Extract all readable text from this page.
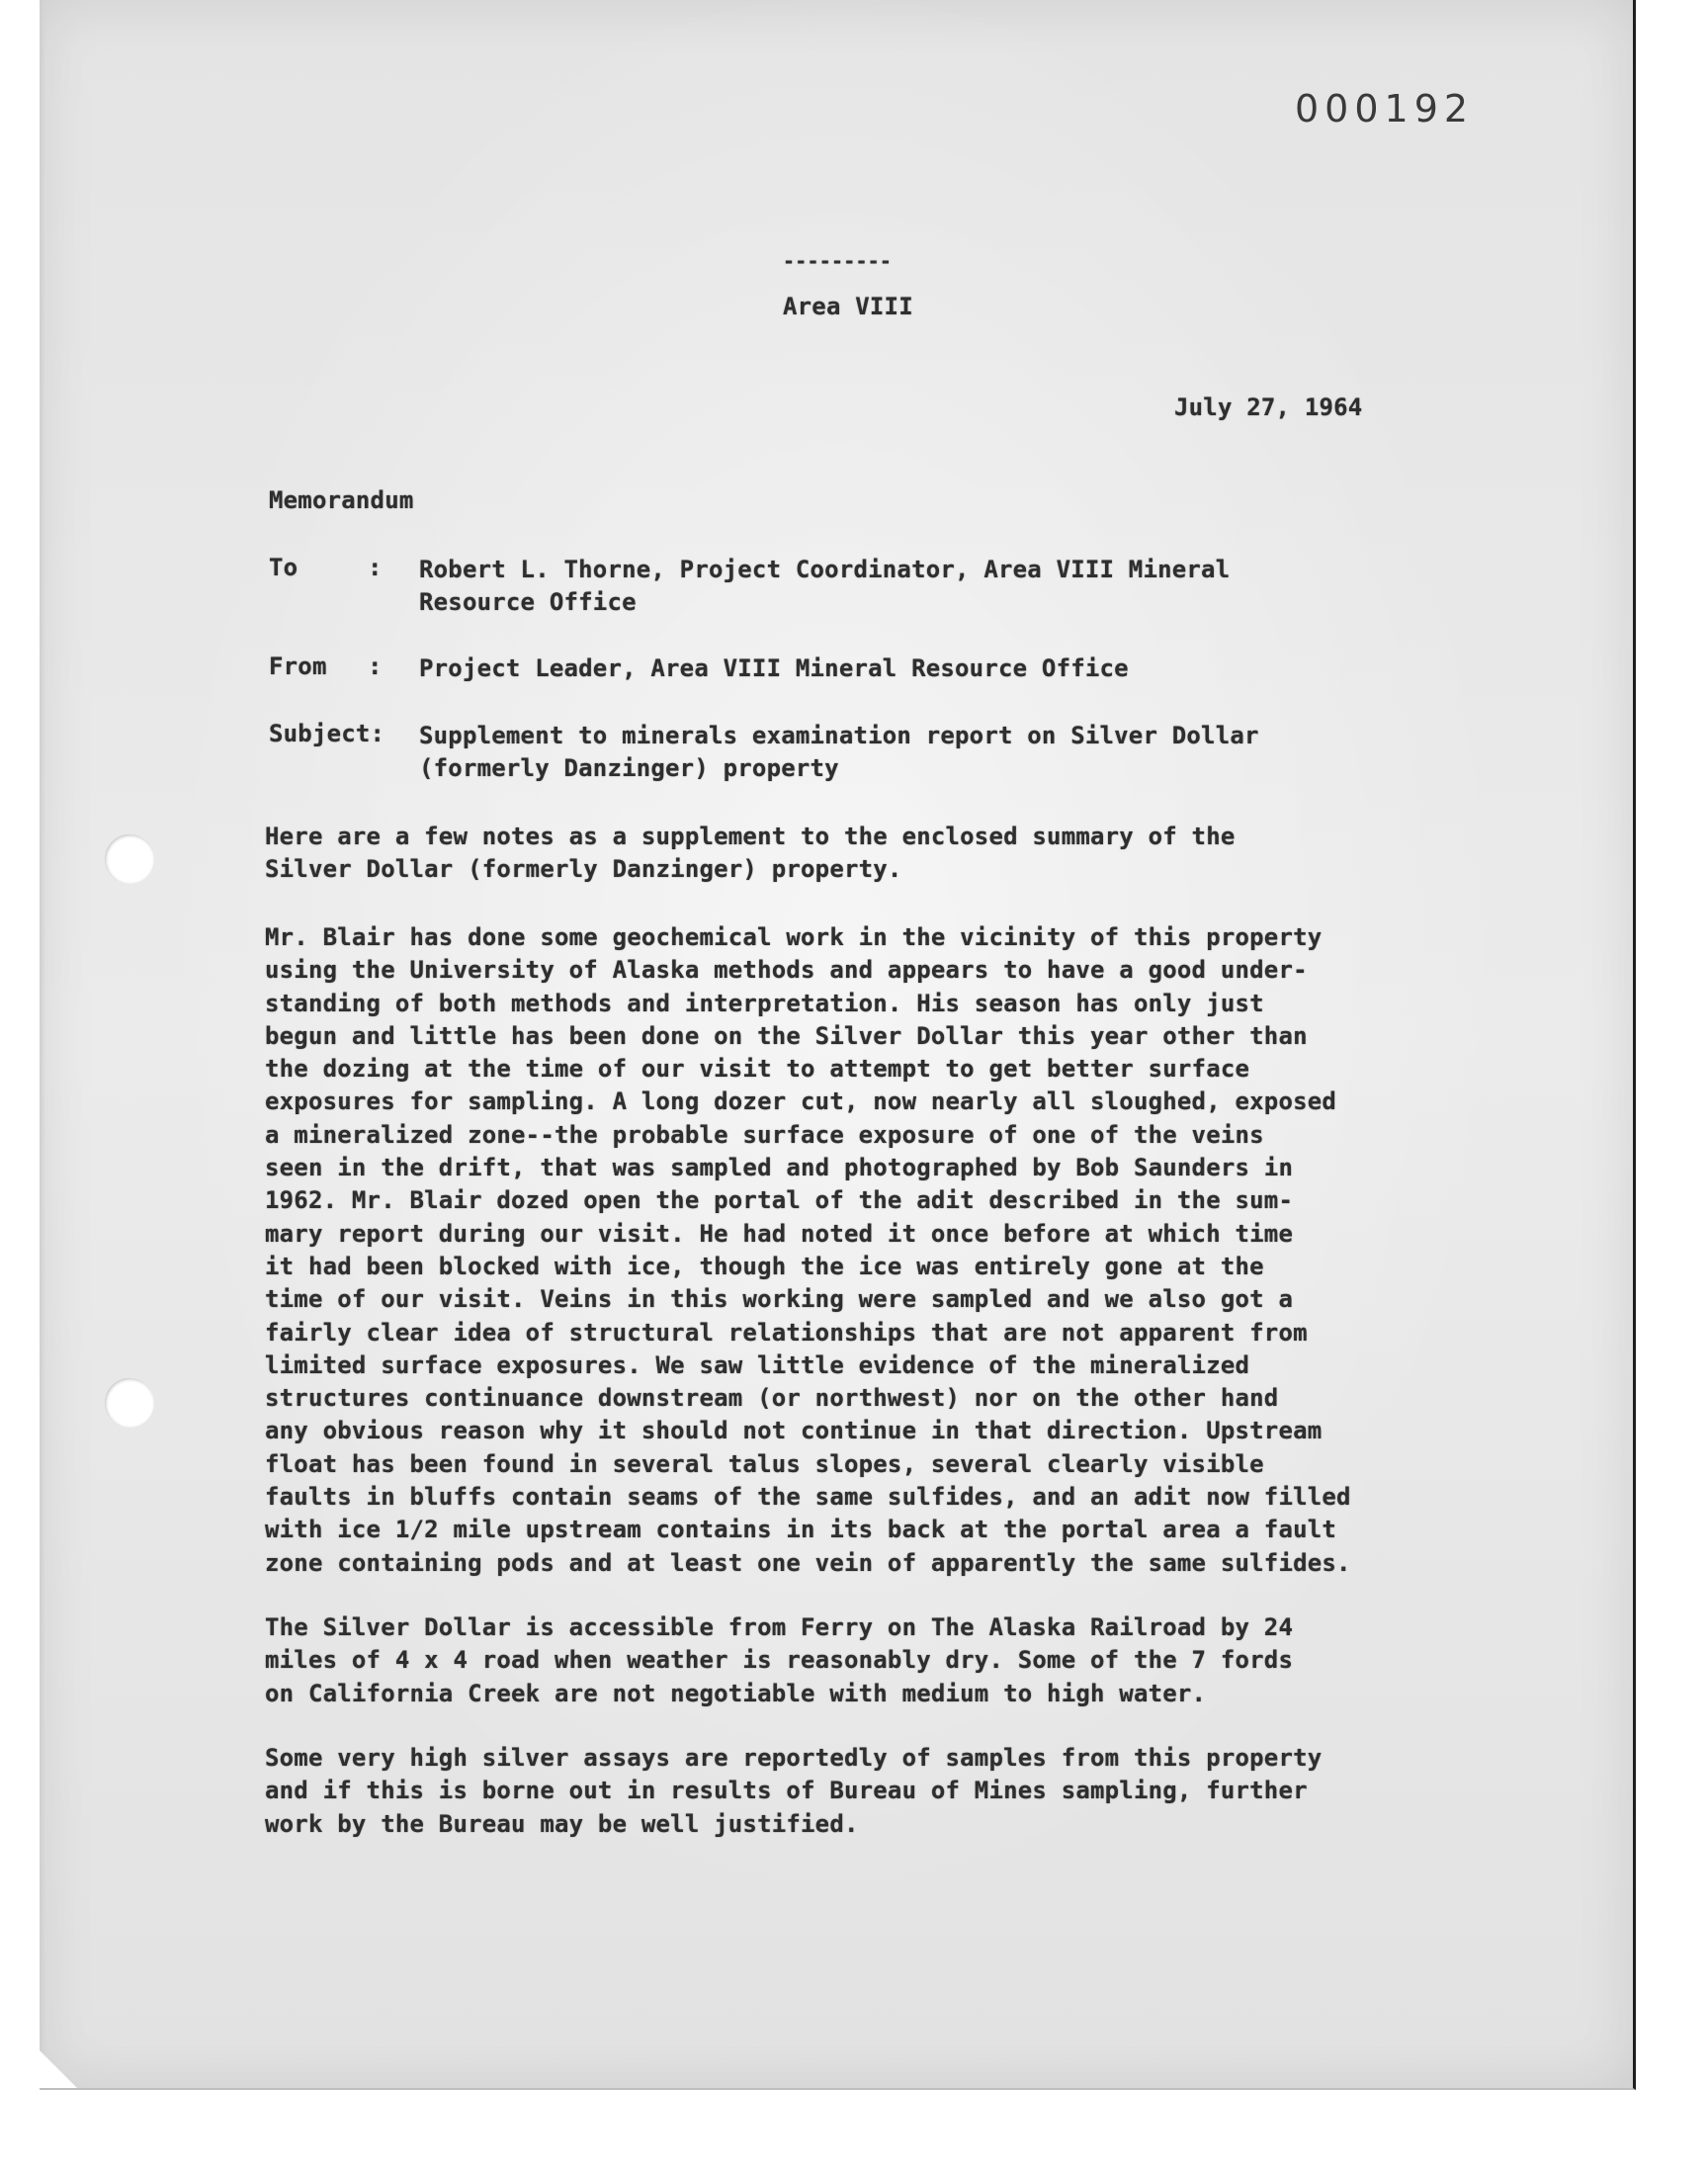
000192
---------
Area VIII
July 27, 1964
Memorandum
To	:	Robert L. Thorne, Project Coordinator, Area VIII Mineral
Resource Office
From	:	Project Leader, Area VIII Mineral Resource Office
Subject:	Supplement to minerals examination report on Silver Dollar
(formerly Danzinger) property
Here are a few notes as a supplement to the enclosed summary of the
Silver Dollar (formerly Danzinger) property.
Mr. Blair has done some geochemical work in the vicinity of this property
using the University of Alaska methods and appears to have a good under-
standing of both methods and interpretation. His season has only just
begun and little has been done on the Silver Dollar this year other than
the dozing at the time of our visit to attempt to get better surface
exposures for sampling. A long dozer cut, now nearly all sloughed, exposed
a mineralized zone--the probable surface exposure of one of the veins
seen in the drift, that was sampled and photographed by Bob Saunders in
1962. Mr. Blair dozed open the portal of the adit described in the sum-
mary report during our visit. He had noted it once before at which time
it had been blocked with ice, though the ice was entirely gone at the
time of our visit. Veins in this working were sampled and we also got a
fairly clear idea of structural relationships that are not apparent from
limited surface exposures. We saw little evidence of the mineralized
structures continuance downstream (or northwest) nor on the other hand
any obvious reason why it should not continue in that direction. Upstream
float has been found in several talus slopes, several clearly visible
faults in bluffs contain seams of the same sulfides, and an adit now filled
with ice 1/2 mile upstream contains in its back at the portal area a fault
zone containing pods and at least one vein of apparently the same sulfides.
The Silver Dollar is accessible from Ferry on The Alaska Railroad by 24
miles of 4 x 4 road when weather is reasonably dry. Some of the 7 fords
on California Creek are not negotiable with medium to high water.
Some very high silver assays are reportedly of samples from this property
and if this is borne out in results of Bureau of Mines sampling, further
work by the Bureau may be well justified.
